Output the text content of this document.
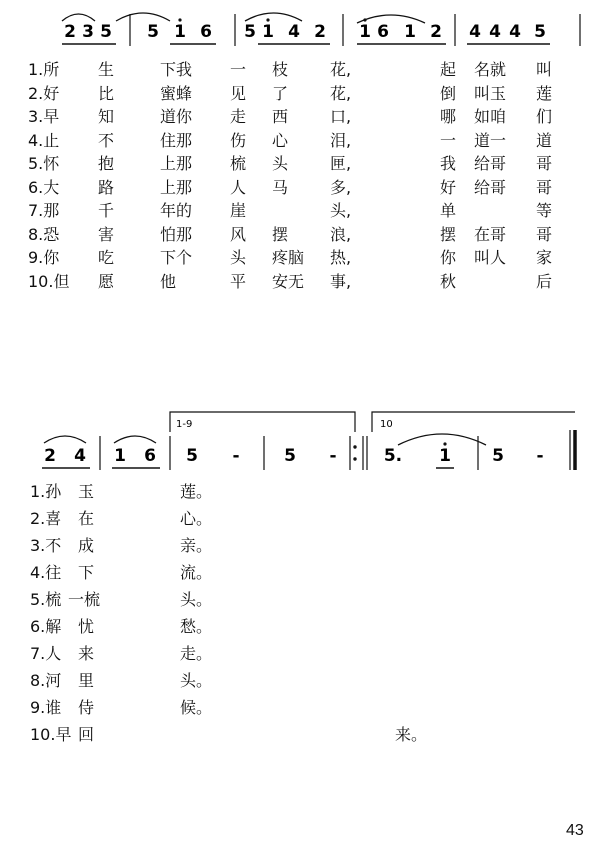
2 3 5 5 1 6 5 1 4 2 1 6 1 2 4 4 4 5
2 4 1 6 5 -	5 -	5. 1 5 -
1-9	10
1.所 生	下我 一 枝	花,	起 名就 叫
2.好 比	蜜蜂 见 了	花,	倒 叫玉 莲
3.早 知	道你 走 西	口,	哪 如咱 们
4.止 不	住那 伤 心	泪,	一 道一 道
5.怀 抱	上那 梳 头	匣,	我 给哥 哥
6.大 路	上那 人 马	多,	好 给哥 哥
7.那 千	年的 崖	头,	单	等
8.恐 害	怕那 风 摆	浪,	摆 在哥 哥
9.你 吃	下个 头 疼脑 热,	你 叫人 家
10.但 愿	他	平 安无 事,	秋	后
1.孙 玉	莲。
2.喜 在	心。
3.不 成	亲。
4.往 下	流。
5.梳 一梳	头。
6.解 忧	愁。
7.人 来	走。
8.河 里	头。
9.谁 侍	候。
10.早 回	来。
43
